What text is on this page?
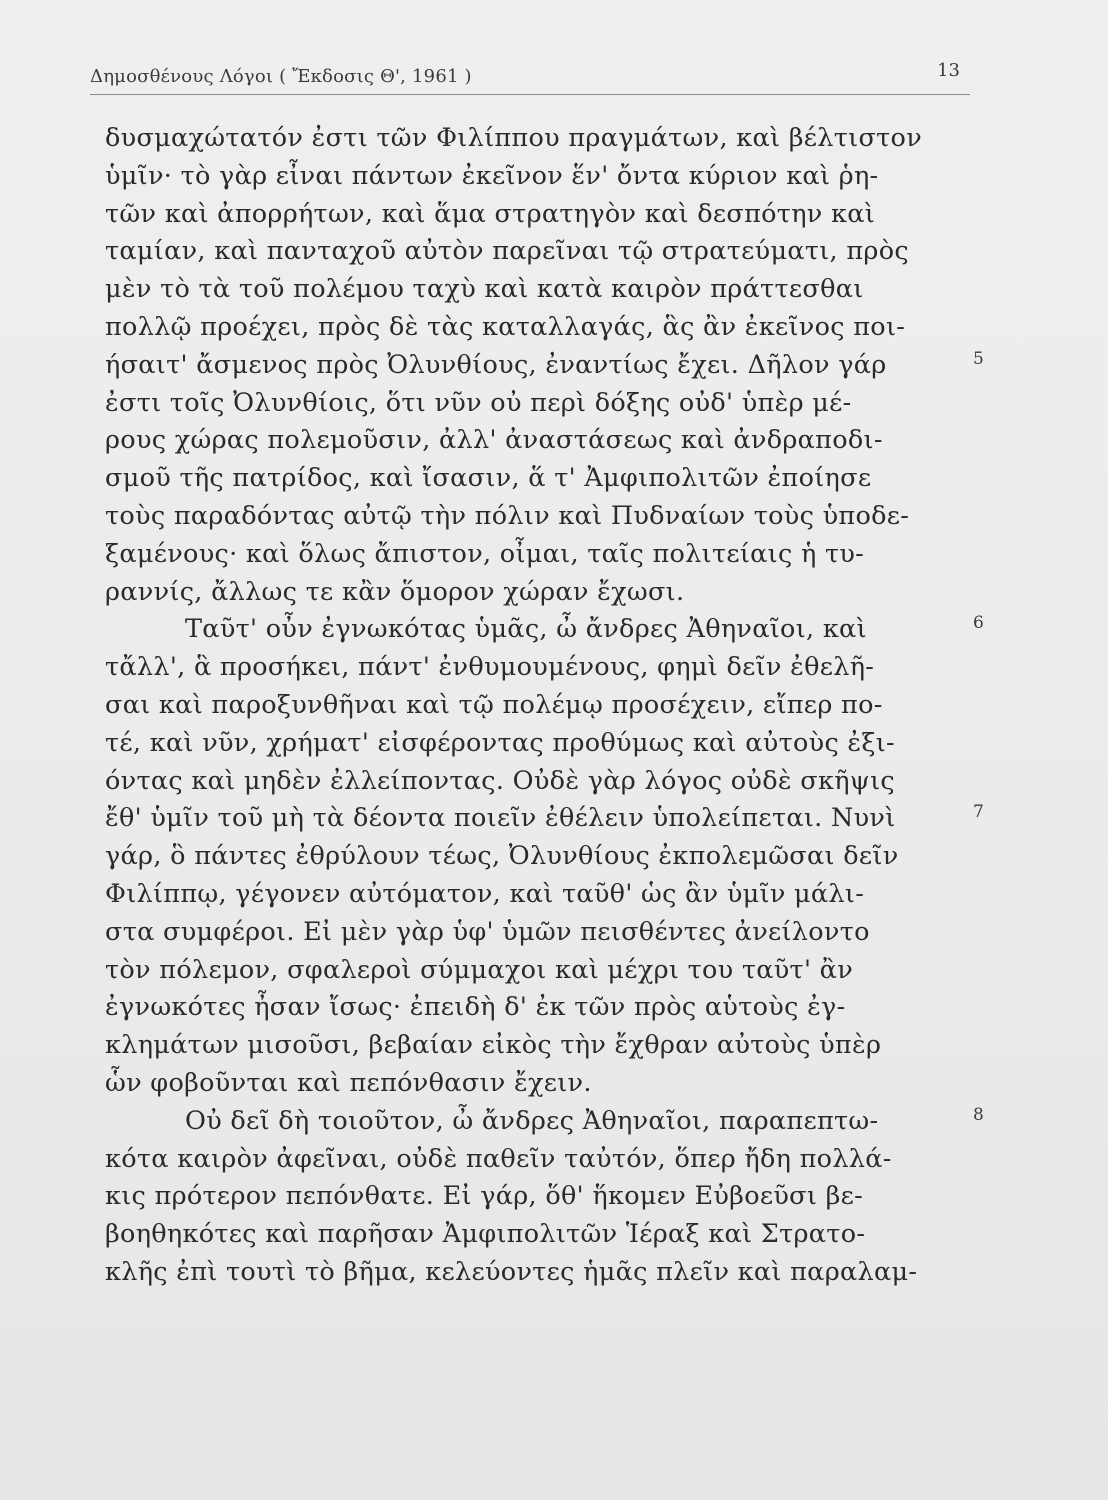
Δημοσθένους Λόγοι ( Ἔκδοσις Θ', 1961 )	13
δυσμαχώτατόν ἐστι τῶν Φιλίππου πραγμάτων, καὶ βέλτιστον
ὑμῖν· τὸ γὰρ εἶναι πάντων ἐκεῖνον ἕν' ὄντα κύριον καὶ ῥη-
τῶν καὶ ἀπορρήτων, καὶ ἅμα στρατηγὸν καὶ δεσπότην καὶ
ταμίαν, καὶ πανταχοῦ αὐτὸν παρεῖναι τῷ στρατεύματι, πρὸς
μὲν τὸ τὰ τοῦ πολέμου ταχὺ καὶ κατὰ καιρὸν πράττεσθαι
πολλῷ προέχει, πρὸς δὲ τὰς καταλλαγάς, ἃς ἂν ἐκεῖνος ποι-
ήσαιτ' ἄσμενος πρὸς Ὀλυνθίους, ἐναντίως ἔχει. Δῆλον γάρ	5
ἐστι τοῖς Ὀλυνθίοις, ὅτι νῦν οὐ περὶ δόξης οὐδ' ὑπὲρ μέ-
ρους χώρας πολεμοῦσιν, ἀλλ' ἀναστάσεως καὶ ἀνδραποδι-
σμοῦ τῆς πατρίδος, καὶ ἴσασιν, ἅ τ' Ἀμφιπολιτῶν ἐποίησε
τοὺς παραδόντας αὐτῷ τὴν πόλιν καὶ Πυδναίων τοὺς ὑποδε-
ξαμένους· καὶ ὅλως ἄπιστον, οἶμαι, ταῖς πολιτείαις ἡ τυ-
ραννίς, ἄλλως τε κἂν ὅμορον χώραν ἔχωσι.
Ταῦτ' οὖν ἐγνωκότας ὑμᾶς, ὦ ἄνδρες Ἀθηναῖοι, καὶ	6
τἄλλ', ἃ προσήκει, πάντ' ἐνθυμουμένους, φημὶ δεῖν ἐθελῆ-
σαι καὶ παροξυνθῆναι καὶ τῷ πολέμῳ προσέχειν, εἴπερ πο-
τέ, καὶ νῦν, χρήματ' εἰσφέροντας προθύμως καὶ αὐτοὺς ἐξι-
όντας καὶ μηδὲν ἐλλείποντας. Οὐδὲ γὰρ λόγος οὐδὲ σκῆψις
ἔθ' ὑμῖν τοῦ μὴ τὰ δέοντα ποιεῖν ἐθέλειν ὑπολείπεται. Νυνὶ	7
γάρ, ὃ πάντες ἐθρύλουν τέως, Ὀλυνθίους ἐκπολεμῶσαι δεῖν
Φιλίππῳ, γέγονεν αὐτόματον, καὶ ταῦθ' ὡς ἂν ὑμῖν μάλι-
στα συμφέροι. Εἰ μὲν γὰρ ὑφ' ὑμῶν πεισθέντες ἀνείλοντο
τὸν πόλεμον, σφαλεροὶ σύμμαχοι καὶ μέχρι του ταῦτ' ἂν
ἐγνωκότες ἦσαν ἴσως· ἐπειδὴ δ' ἐκ τῶν πρὸς αὑτοὺς ἐγ-
κλημάτων μισοῦσι, βεβαίαν εἰκὸς τὴν ἔχθραν αὐτοὺς ὑπὲρ
ὧν φοβοῦνται καὶ πεπόνθασιν ἔχειν.
Οὐ δεῖ δὴ τοιοῦτον, ὦ ἄνδρες Ἀθηναῖοι, παραπεπτω-	8
κότα καιρὸν ἀφεῖναι, οὐδὲ παθεῖν ταὐτόν, ὅπερ ἤδη πολλά-
κις πρότερον πεπόνθατε. Εἰ γάρ, ὅθ' ἥκομεν Εὐβοεῦσι βε-
βοηθηκότες καὶ παρῆσαν Ἀμφιπολιτῶν Ἱέραξ καὶ Στρατο-
κλῆς ἐπὶ τουτὶ τὸ βῆμα, κελεύοντες ἡμᾶς πλεῖν καὶ παραλαμ-
